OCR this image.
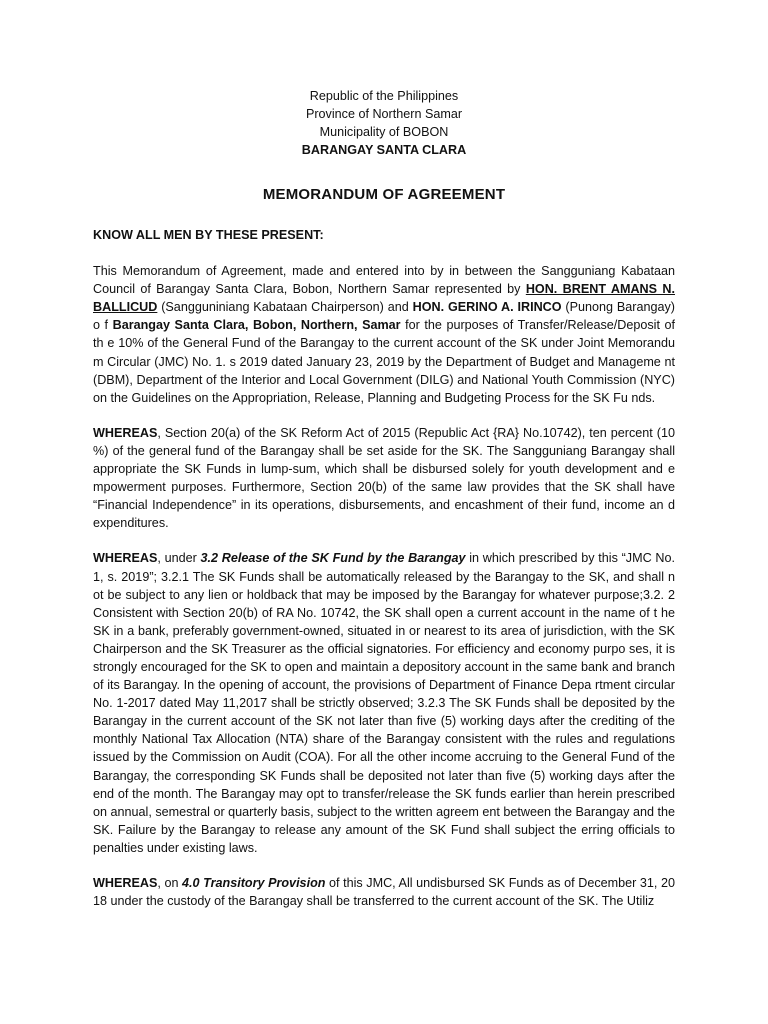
Republic of the Philippines
Province of Northern Samar
Municipality of BOBON
BARANGAY SANTA CLARA
MEMORANDUM OF AGREEMENT

KNOW ALL MEN BY THESE PRESENT:

This Memorandum of Agreement, made and entered into by in between the Sangguniang Kabataan Council of Barangay Santa Clara, Bobon, Northern Samar represented by HON. BRENT AMANS N. BALLICUD (Sangguniniang Kabataan Chairperson) and HON. GERINO A. IRINCO (Punong Barangay) o f Barangay Santa Clara, Bobon, Northern, Samar for the purposes of Transfer/Release/Deposit of th e 10% of the General Fund of the Barangay to the current account of the SK under Joint Memorandu m Circular (JMC) No. 1. s 2019 dated January 23, 2019 by the Department of Budget and Manageme nt (DBM), Department of the Interior and Local Government (DILG) and National Youth Commission (NYC) on the Guidelines on the Appropriation, Release, Planning and Budgeting Process for the SK Fu nds.

WHEREAS, Section 20(a) of the SK Reform Act of 2015 (Republic Act {RA} No.10742), ten percent (10 %) of the general fund of the Barangay shall be set aside for the SK. The Sangguniang Barangay shall appropriate the SK Funds in lump-sum, which shall be disbursed solely for youth development and e mpowerment purposes. Furthermore, Section 20(b) of the same law provides that the SK shall have “Financial Independence” in its operations, disbursements, and encashment of their fund, income an d expenditures.

WHEREAS, under 3.2 Release of the SK Fund by the Barangay in which prescribed by this “JMC No. 1, s. 2019”; 3.2.1 The SK Funds shall be automatically released by the Barangay to the SK, and shall n ot be subject to any lien or holdback that may be imposed by the Barangay for whatever purpose;3.2. 2 Consistent with Section 20(b) of RA No. 10742, the SK shall open a current account in the name of t he SK in a bank, preferably government-owned, situated in or nearest to its area of jurisdiction, with the SK Chairperson and the SK Treasurer as the official signatories. For efficiency and economy purpo ses, it is strongly encouraged for the SK to open and maintain a depository account in the same bank and branch of its Barangay. In the opening of account, the provisions of Department of Finance Depa rtment circular No. 1-2017 dated May 11,2017 shall be strictly observed; 3.2.3 The SK Funds shall be deposited by the Barangay in the current account of the SK not later than five (5) working days after the crediting of the monthly National Tax Allocation (NTA) share of the Barangay consistent with the rules and regulations issued by the Commission on Audit (COA). For all the other income accruing to the General Fund of the Barangay, the corresponding SK Funds shall be deposited not later than five (5) working days after the end of the month. The Barangay may opt to transfer/release the SK funds earlier than herein prescribed on annual, semestral or quarterly basis, subject to the written agreem ent between the Barangay and the SK. Failure by the Barangay to release any amount of the SK Fund shall subject the erring officials to penalties under existing laws.

WHEREAS, on 4.0 Transitory Provision of this JMC, All undisbursed SK Funds as of December 31, 20 18 under the custody of the Barangay shall be transferred to the current account of the SK. The Utiliz
